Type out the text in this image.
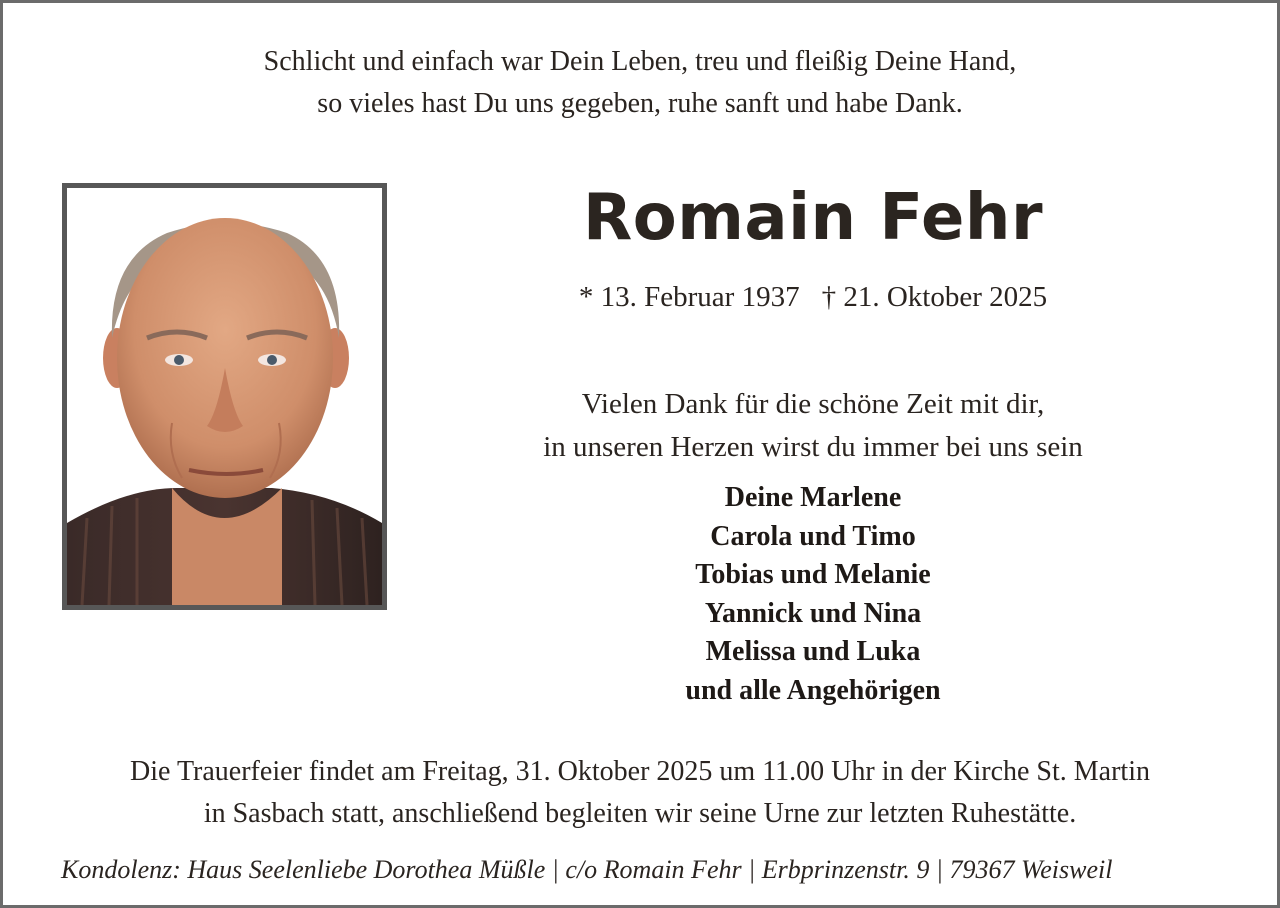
Schlicht und einfach war Dein Leben, treu und fleißig Deine Hand,
so vieles hast Du uns gegeben, ruhe sanft und habe Dank.
Romain Fehr
* 13. Februar 1937 † 21. Oktober 2025
Vielen Dank für die schöne Zeit mit dir,
in unseren Herzen wirst du immer bei uns sein
Deine Marlene
Carola und Timo
Tobias und Melanie
Yannick und Nina
Melissa und Luka
und alle Angehörigen
Die Trauerfeier findet am Freitag, 31. Oktober 2025 um 11.00 Uhr in der Kirche St. Martin
in Sasbach statt, anschließend begleiten wir seine Urne zur letzten Ruhestätte.
Kondolenz: Haus Seelenliebe Dorothea Müßle | c/o Romain Fehr | Erbprinzenstr. 9 | 79367 Weisweil
